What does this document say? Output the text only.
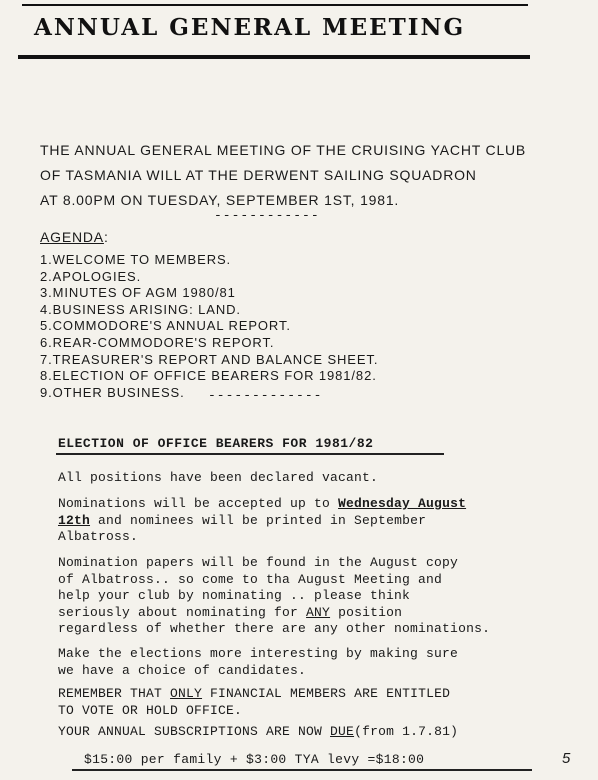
ANNUAL GENERAL MEETING
THE ANNUAL GENERAL MEETING OF THE CRUISING YACHT CLUB
OF TASMANIA WILL AT THE DERWENT SAILING SQUADRON
AT 8.00PM ON TUESDAY, SEPTEMBER 1ST, 1981.
------------
AGENDA:
1.WELCOME TO MEMBERS.
2.APOLOGIES.
3.MINUTES OF AGM 1980/81
4.BUSINESS ARISING: LAND.
5.COMMODORE'S ANNUAL REPORT.
6.REAR-COMMODORE'S REPORT.
7.TREASURER'S REPORT AND BALANCE SHEET.
8.ELECTION OF OFFICE BEARERS FOR 1981/82.
9.OTHER BUSINESS.	-------------
ELECTION OF OFFICE BEARERS FOR 1981/82
All positions have been declared vacant.
Nominations will be accepted up to Wednesday August
12th and nominees will be printed in September
Albatross.
Nomination papers will be found in the August copy
of Albatross.. so come to tha August Meeting and
help your club by nominating .. please think
seriously about nominating for ANY position
regardless of whether there are any other nominations.
Make the elections more interesting by making sure
we have a choice of candidates.
REMEMBER THAT ONLY FINANCIAL MEMBERS ARE ENTITLED
TO VOTE OR HOLD OFFICE.
YOUR ANNUAL SUBSCRIPTIONS ARE NOW DUE(from 1.7.81)
$15:00 per family + $3:00 TYA levy =$18:00	5
